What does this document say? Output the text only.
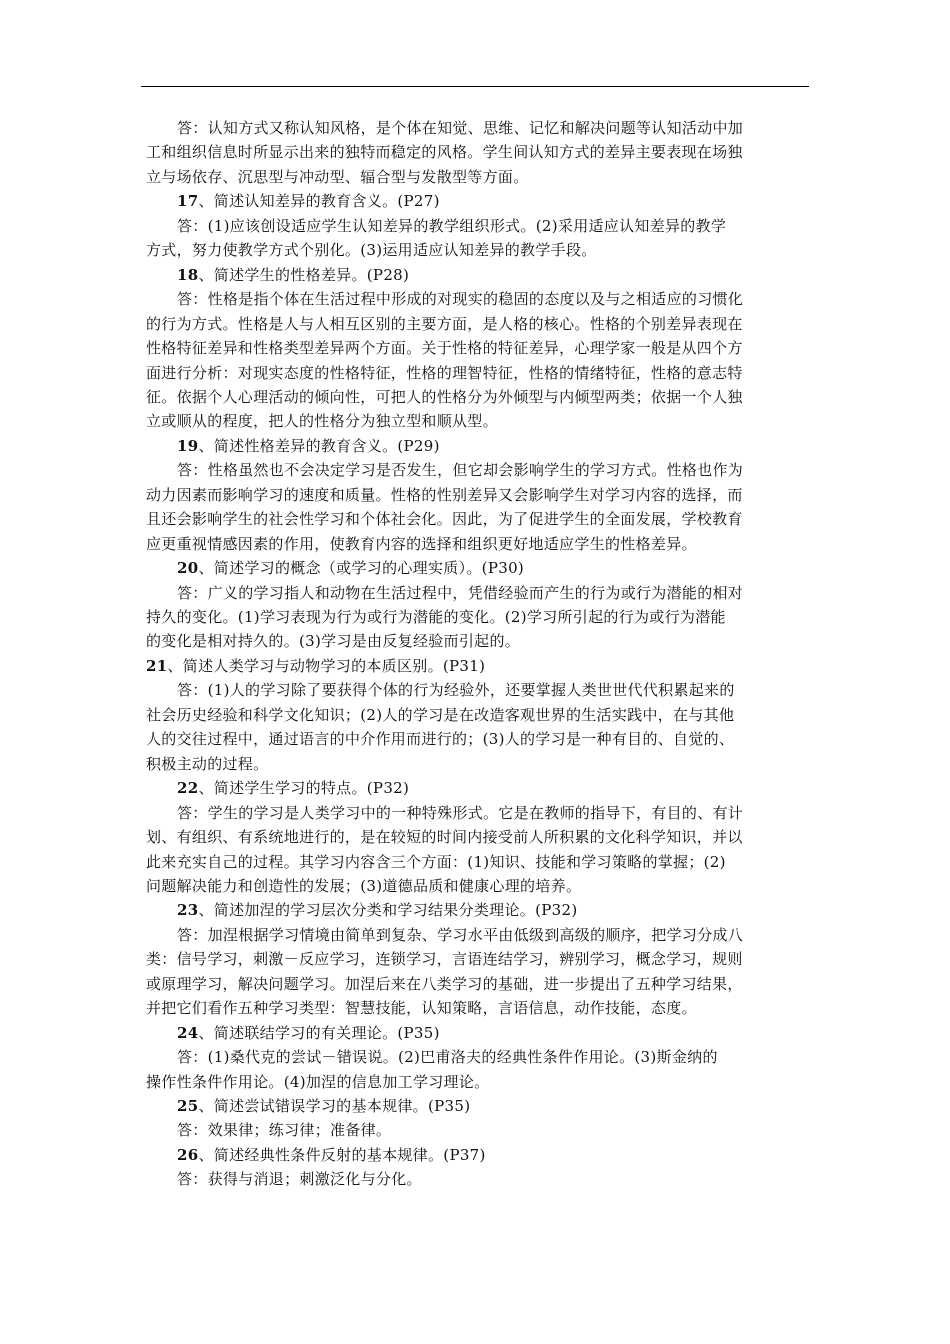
答：认知方式又称认知风格，是个体在知觉、思维、记忆和解决问题等认知活动中加
工和组织信息时所显示出来的独特而稳定的风格。学生间认知方式的差异主要表现在场独
立与场依存、沉思型与冲动型、辐合型与发散型等方面。
17、简述认知差异的教育含义。(P27)
答：(1)应该创设适应学生认知差异的教学组织形式。(2)采用适应认知差异的教学
方式，努力使教学方式个别化。(3)运用适应认知差异的教学手段。
18、简述学生的性格差异。(P28)
答：性格是指个体在生活过程中形成的对现实的稳固的态度以及与之相适应的习惯化
的行为方式。性格是人与人相互区别的主要方面，是人格的核心。性格的个别差异表现在
性格特征差异和性格类型差异两个方面。关于性格的特征差异，心理学家一般是从四个方
面进行分析：对现实态度的性格特征，性格的理智特征，性格的情绪特征，性格的意志特
征。依据个人心理活动的倾向性，可把人的性格分为外倾型与内倾型两类；依据一个人独
立或顺从的程度，把人的性格分为独立型和顺从型。
19、简述性格差异的教育含义。(P29)
答：性格虽然也不会决定学习是否发生，但它却会影响学生的学习方式。性格也作为
动力因素而影响学习的速度和质量。性格的性别差异又会影响学生对学习内容的选择，而
且还会影响学生的社会性学习和个体社会化。因此，为了促进学生的全面发展，学校教育
应更重视情感因素的作用，使教育内容的选择和组织更好地适应学生的性格差异。
20、简述学习的概念（或学习的心理实质）。(P30)
答：广义的学习指人和动物在生活过程中，凭借经验而产生的行为或行为潜能的相对
持久的变化。(1)学习表现为行为或行为潜能的变化。(2)学习所引起的行为或行为潜能
的变化是相对持久的。(3)学习是由反复经验而引起的。
21、简述人类学习与动物学习的本质区别。(P31)
答：(1)人的学习除了要获得个体的行为经验外，还要掌握人类世世代代积累起来的
社会历史经验和科学文化知识；(2)人的学习是在改造客观世界的生活实践中，在与其他
人的交往过程中，通过语言的中介作用而进行的；(3)人的学习是一种有目的、自觉的、
积极主动的过程。
22、简述学生学习的特点。(P32)
答：学生的学习是人类学习中的一种特殊形式。它是在教师的指导下，有目的、有计
划、有组织、有系统地进行的，是在较短的时间内接受前人所积累的文化科学知识，并以
此来充实自己的过程。其学习内容含三个方面：(1)知识、技能和学习策略的掌握；(2)
问题解决能力和创造性的发展；(3)道德品质和健康心理的培养。
23、简述加涅的学习层次分类和学习结果分类理论。(P32)
答：加涅根据学习情境由简单到复杂、学习水平由低级到高级的顺序，把学习分成八
类：信号学习，刺激－反应学习，连锁学习，言语连结学习，辨别学习，概念学习，规则
或原理学习，解决问题学习。加涅后来在八类学习的基础，进一步提出了五种学习结果，
并把它们看作五种学习类型：智慧技能，认知策略，言语信息，动作技能，态度。
24、简述联结学习的有关理论。(P35)
答：(1)桑代克的尝试－错误说。(2)巴甫洛夫的经典性条件作用论。(3)斯金纳的
操作性条件作用论。(4)加涅的信息加工学习理论。
25、简述尝试错误学习的基本规律。(P35)
答：效果律；练习律；准备律。
26、简述经典性条件反射的基本规律。(P37)
答：获得与消退；刺激泛化与分化。
